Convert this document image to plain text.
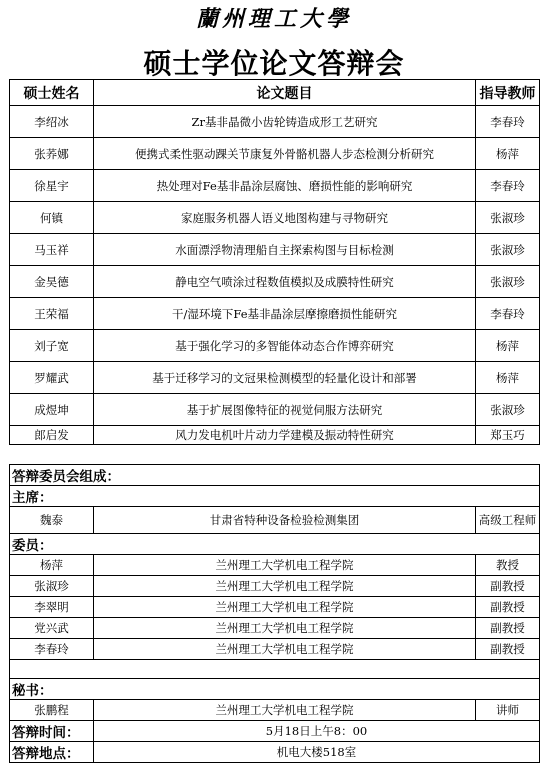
蘭州理工大學
硕士学位论文答辩会
硕士姓名	论文题目	指导教师
李绍冰	Zr基非晶微小齿轮铸造成形工艺研究	李春玲
张荞娜	便携式柔性驱动踝关节康复外骨骼机器人步态检测分析研究	杨萍
徐星宇	热处理对Fe基非晶涂层腐蚀、磨损性能的影响研究	李春玲
何镇	家庭服务机器人语义地图构建与寻物研究	张淑珍
马玉祥	水面漂浮物清理船自主探索构图与目标检测	张淑珍
金昊德	静电空气喷涂过程数值模拟及成膜特性研究	张淑珍
王荣福	干/湿环境下Fe基非晶涂层摩擦磨损性能研究	李春玲
刘子宽	基于强化学习的多智能体动态合作博弈研究	杨萍
罗耀武	基于迁移学习的文冠果检测模型的轻量化设计和部署	杨萍
成煜坤	基于扩展图像特征的视觉伺服方法研究	张淑珍
郎启发	风力发电机叶片动力学建模及振动特性研究	郑玉巧
答辩委员会组成：		
主席：		
魏泰	甘肃省特种设备检验检测集团	高级工程师
委员：		
杨萍	兰州理工大学机电工程学院	教授
张淑珍	兰州理工大学机电工程学院	副教授
李翠明	兰州理工大学机电工程学院	副教授
党兴武	兰州理工大学机电工程学院	副教授
李春玲	兰州理工大学机电工程学院	副教授

秘书：		
张鹏程	兰州理工大学机电工程学院	讲师
答辩时间：	5月18日上午8：00	
答辩地点：	机电大楼518室	
